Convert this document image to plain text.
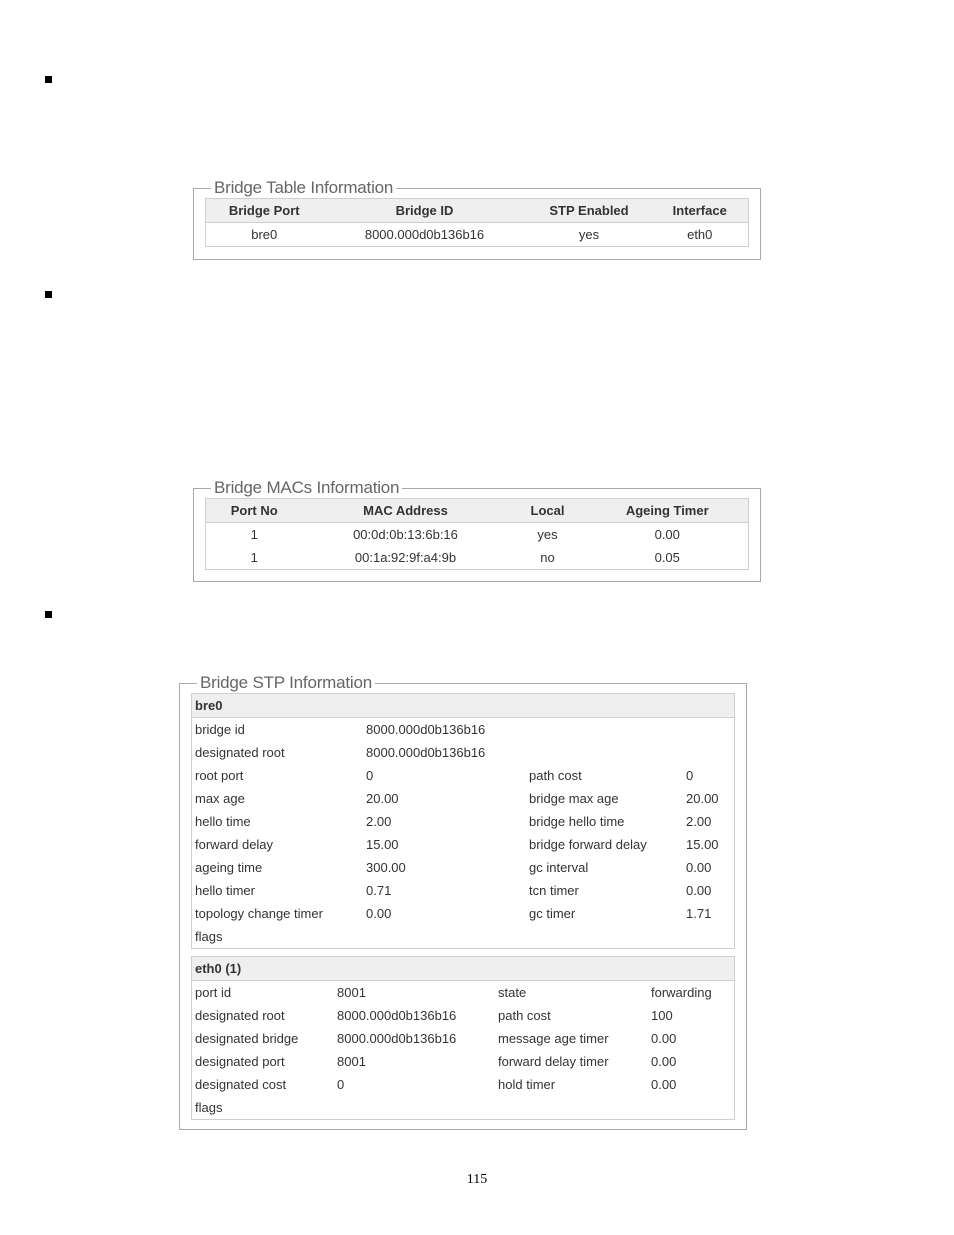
Bridge Table Information
Bridge Port	Bridge ID	STP Enabled	Interface
bre0	8000.000d0b136b16	yes	eth0
Bridge MACs Information
Port No	MAC Address	Local	Ageing Timer
1	00:0d:0b:13:6b:16	yes	0.00
1	00:1a:92:9f:a4:9b	no	0.05
Bridge STP Information
bre0
bridge id	8000.000d0b136b16		
designated root	8000.000d0b136b16		
root port	0	path cost	0
max age	20.00	bridge max age	20.00
hello time	2.00	bridge hello time	2.00
forward delay	15.00	bridge forward delay	15.00
ageing time	300.00	gc interval	0.00
hello timer	0.71	tcn timer	0.00
topology change timer	0.00	gc timer	1.71
flags			
eth0 (1)
port id	8001	state	forwarding
designated root	8000.000d0b136b16	path cost	100
designated bridge	8000.000d0b136b16	message age timer	0.00
designated port	8001	forward delay timer	0.00
designated cost	0	hold timer	0.00
flags			
115
